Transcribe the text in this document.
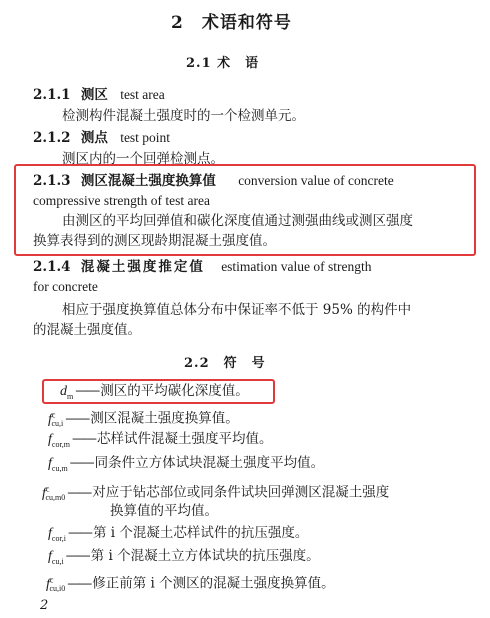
2　术语和符号
2.1 术　语
2.1.1 测区 test area
检测构件混凝土强度时的一个检测单元。
2.1.2 测点 test point
测区内的一个回弹检测点。
2.1.3 测区混凝土强度换算值 conversion value of concrete
compressive strength of test area
由测区的平均回弹值和碳化深度值通过测强曲线或测区强度
换算表得到的测区现龄期混凝土强度值。
2.1.4 混凝土强度推定值 estimation value of strength
for concrete
相应于强度换算值总体分布中保证率不低于 95% 的构件中
的混凝土强度值。
2.2　符　号
$d_m$ —— 测区的平均碳化深度值。
$f^c_{cu,i}$ —— 测区混凝土强度换算值。
$f_{cor,m}$ —— 芯样试件混凝土强度平均值。
$f_{cu,m}$ —— 同条件立方体试块混凝土强度平均值。
$f^c_{cu,m0}$ —— 对应于钻芯部位或同条件试块回弹测区混凝土强度
换算值的平均值。
$f_{cor,i}$ —— 第 i 个混凝土芯样试件的抗压强度。
$f_{cu,i}$ —— 第 i 个混凝土立方体试块的抗压强度。
$f^c_{cu,i0}$ —— 修正前第 i 个测区的混凝土强度换算值。
2
